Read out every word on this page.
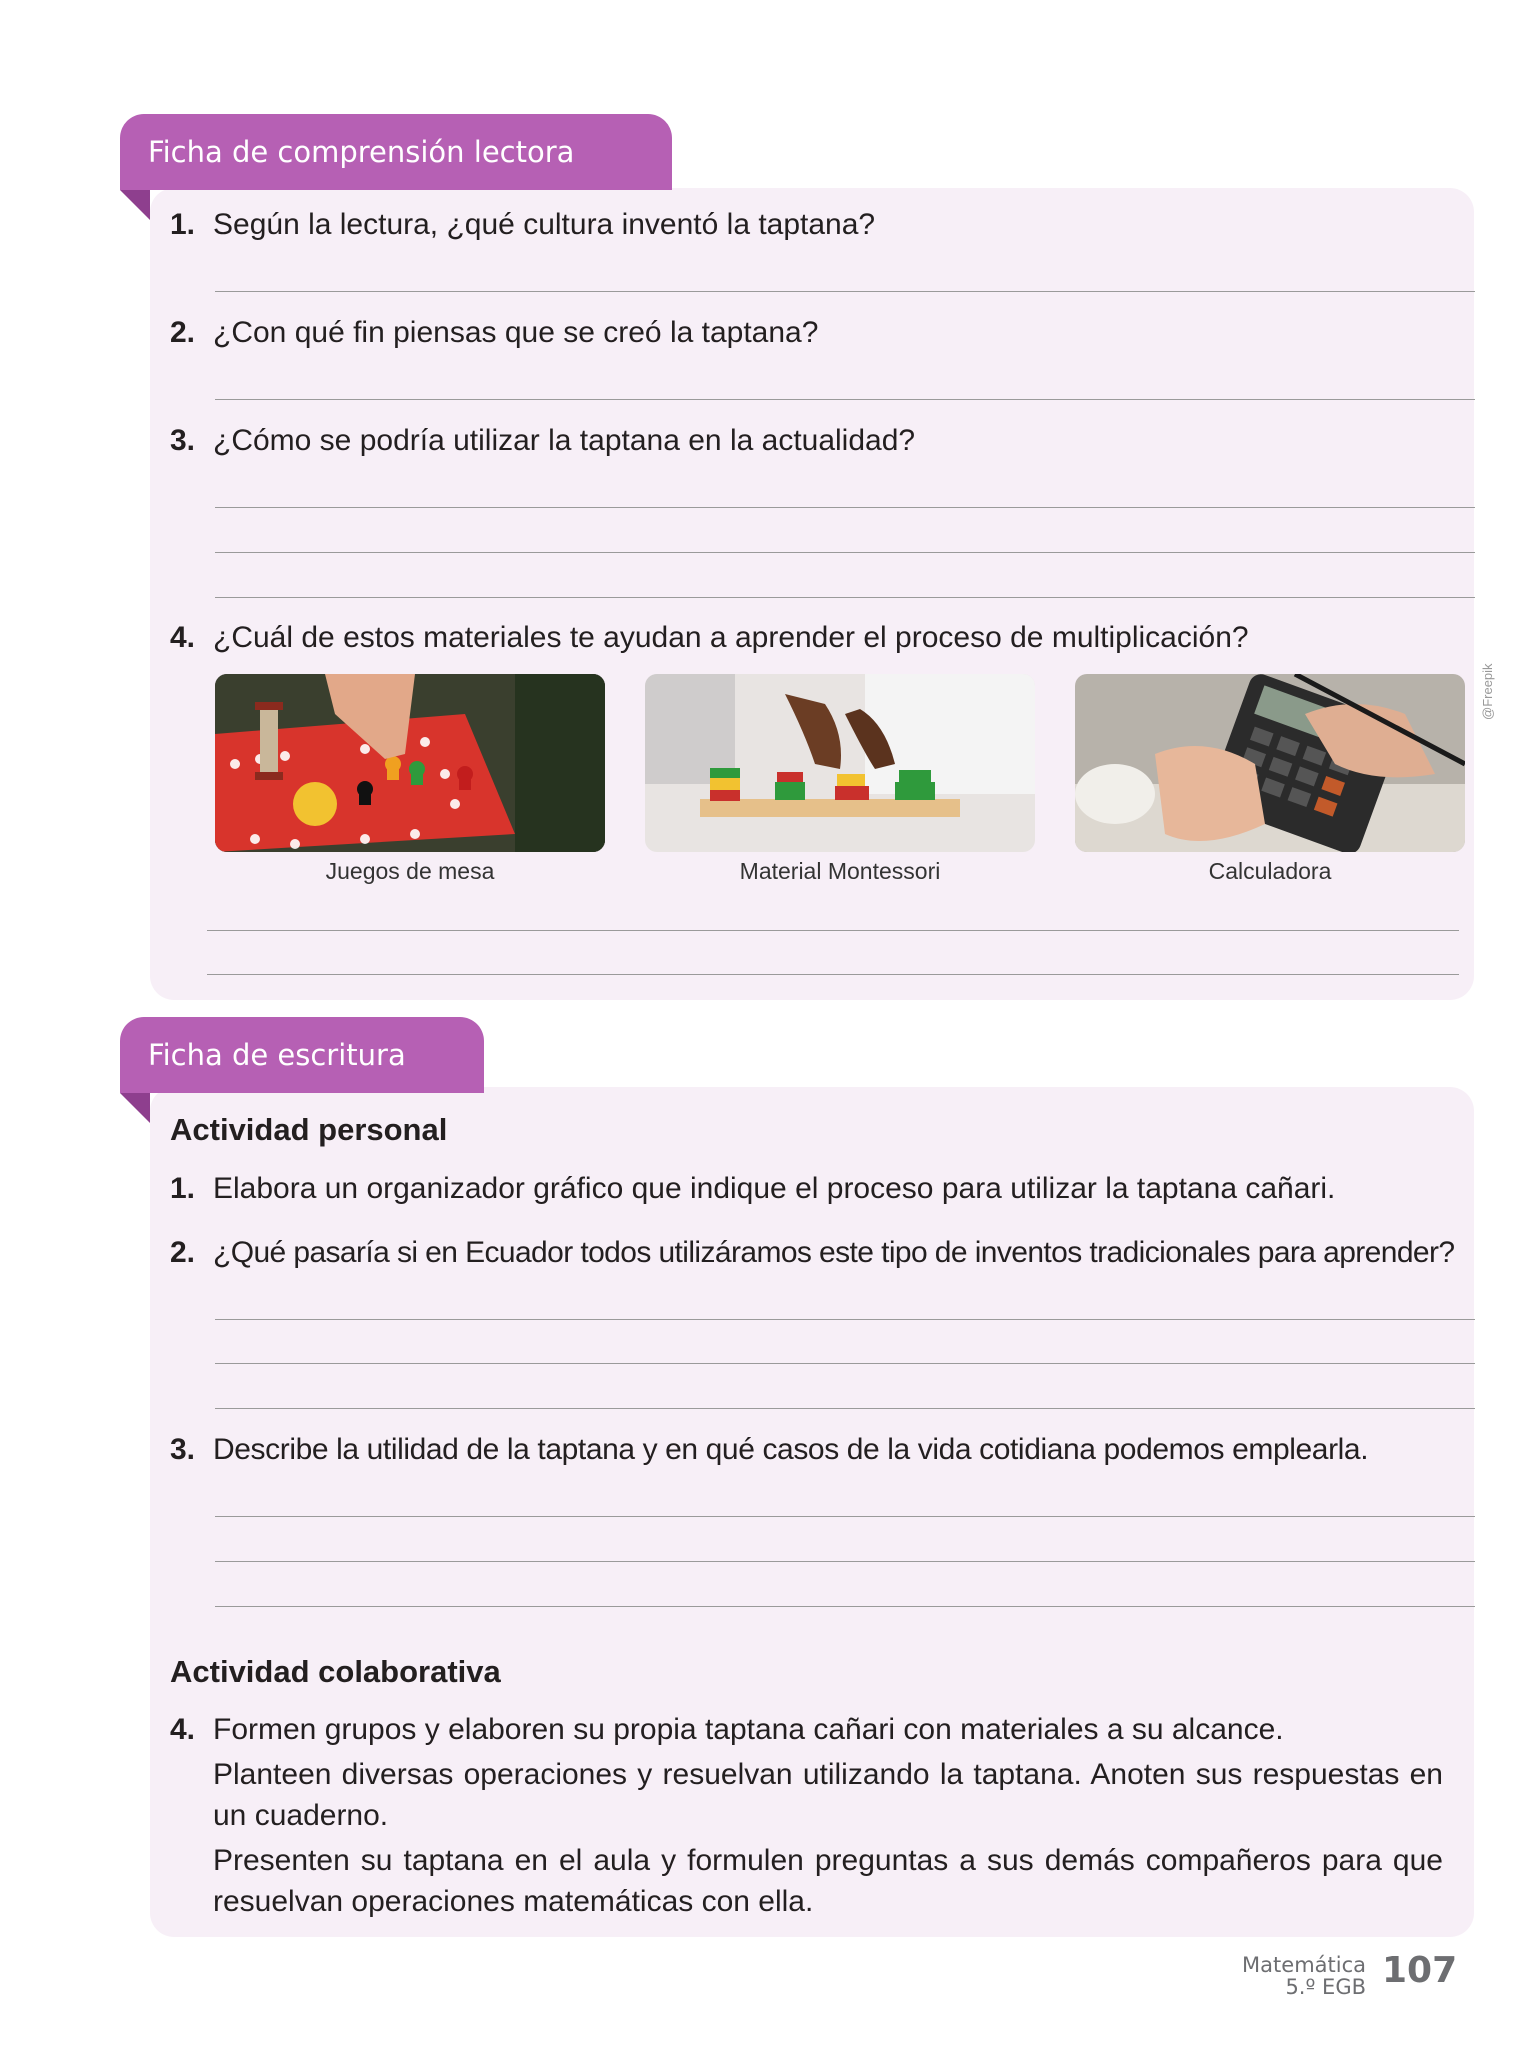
Ficha de comprensión lectora
1. Según la lectura, ¿qué cultura inventó la taptana?
2. ¿Con qué fin piensas que se creó la taptana?
3. ¿Cómo se podría utilizar la taptana en la actualidad?
4. ¿Cuál de estos materiales te ayudan a aprender el proceso de multiplicación?
Juegos de mesa	Material Montessori	Calculadora
@Freepik
Ficha de escritura
Actividad personal
1. Elabora un organizador gráfico que indique el proceso para utilizar la taptana cañari.
2. ¿Qué pasaría si en Ecuador todos utilizáramos este tipo de inventos tradicionales para aprender?
3. Describe la utilidad de la taptana y en qué casos de la vida cotidiana podemos emplearla.
Actividad colaborativa
4. Formen grupos y elaboren su propia taptana cañari con materiales a su alcance.
Planteen diversas operaciones y resuelvan utilizando la taptana. Anoten sus respuestas en un cuaderno.
Presenten su taptana en el aula y formulen preguntas a sus demás compañeros para que resuelvan operaciones matemáticas con ella.
Matemática
5.º EGB 107
